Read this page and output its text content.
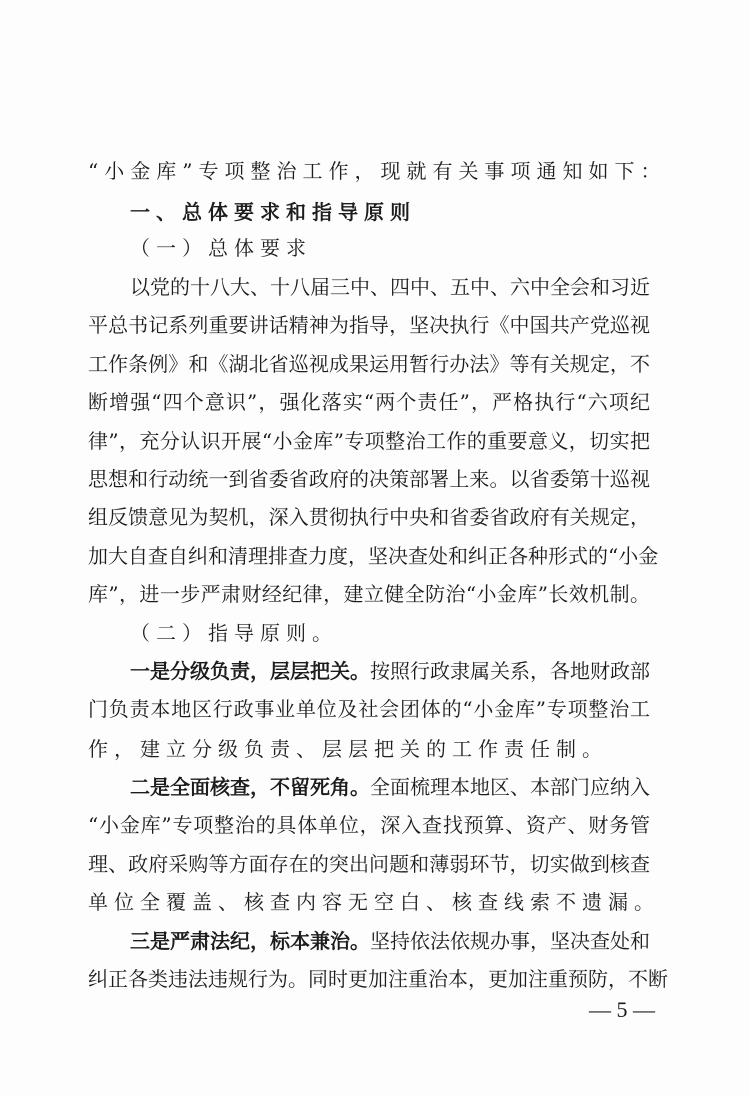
“小金库”专项整治工作，现就有关事项通知如下：
一、总体要求和指导原则
（一）总体要求
以党的十八大、十八届三中、四中、五中、六中全会和习近
平总书记系列重要讲话精神为指导，坚决执行《中国共产党巡视
工作条例》和《湖北省巡视成果运用暂行办法》等有关规定，不
断增强“四个意识”，强化落实“两个责任”，严格执行“六项纪
律”，充分认识开展“小金库”专项整治工作的重要意义，切实把
思想和行动统一到省委省政府的决策部署上来。以省委第十巡视
组反馈意见为契机，深入贯彻执行中央和省委省政府有关规定，
加大自查自纠和清理排查力度，坚决查处和纠正各种形式的“小金
库”，进一步严肃财经纪律，建立健全防治“小金库”长效机制。
（二）指导原则。
一是分级负责，层层把关。按照行政隶属关系，各地财政部
门负责本地区行政事业单位及社会团体的“小金库”专项整治工
作，建立分级负责、层层把关的工作责任制。
二是全面核查，不留死角。全面梳理本地区、本部门应纳入
“小金库”专项整治的具体单位，深入查找预算、资产、财务管
理、政府采购等方面存在的突出问题和薄弱环节，切实做到核查
单位全覆盖、核查内容无空白、核查线索不遗漏。
三是严肃法纪，标本兼治。坚持依法依规办事，坚决查处和
纠正各类违法违规行为。同时更加注重治本，更加注重预防，不断
— 5 —
